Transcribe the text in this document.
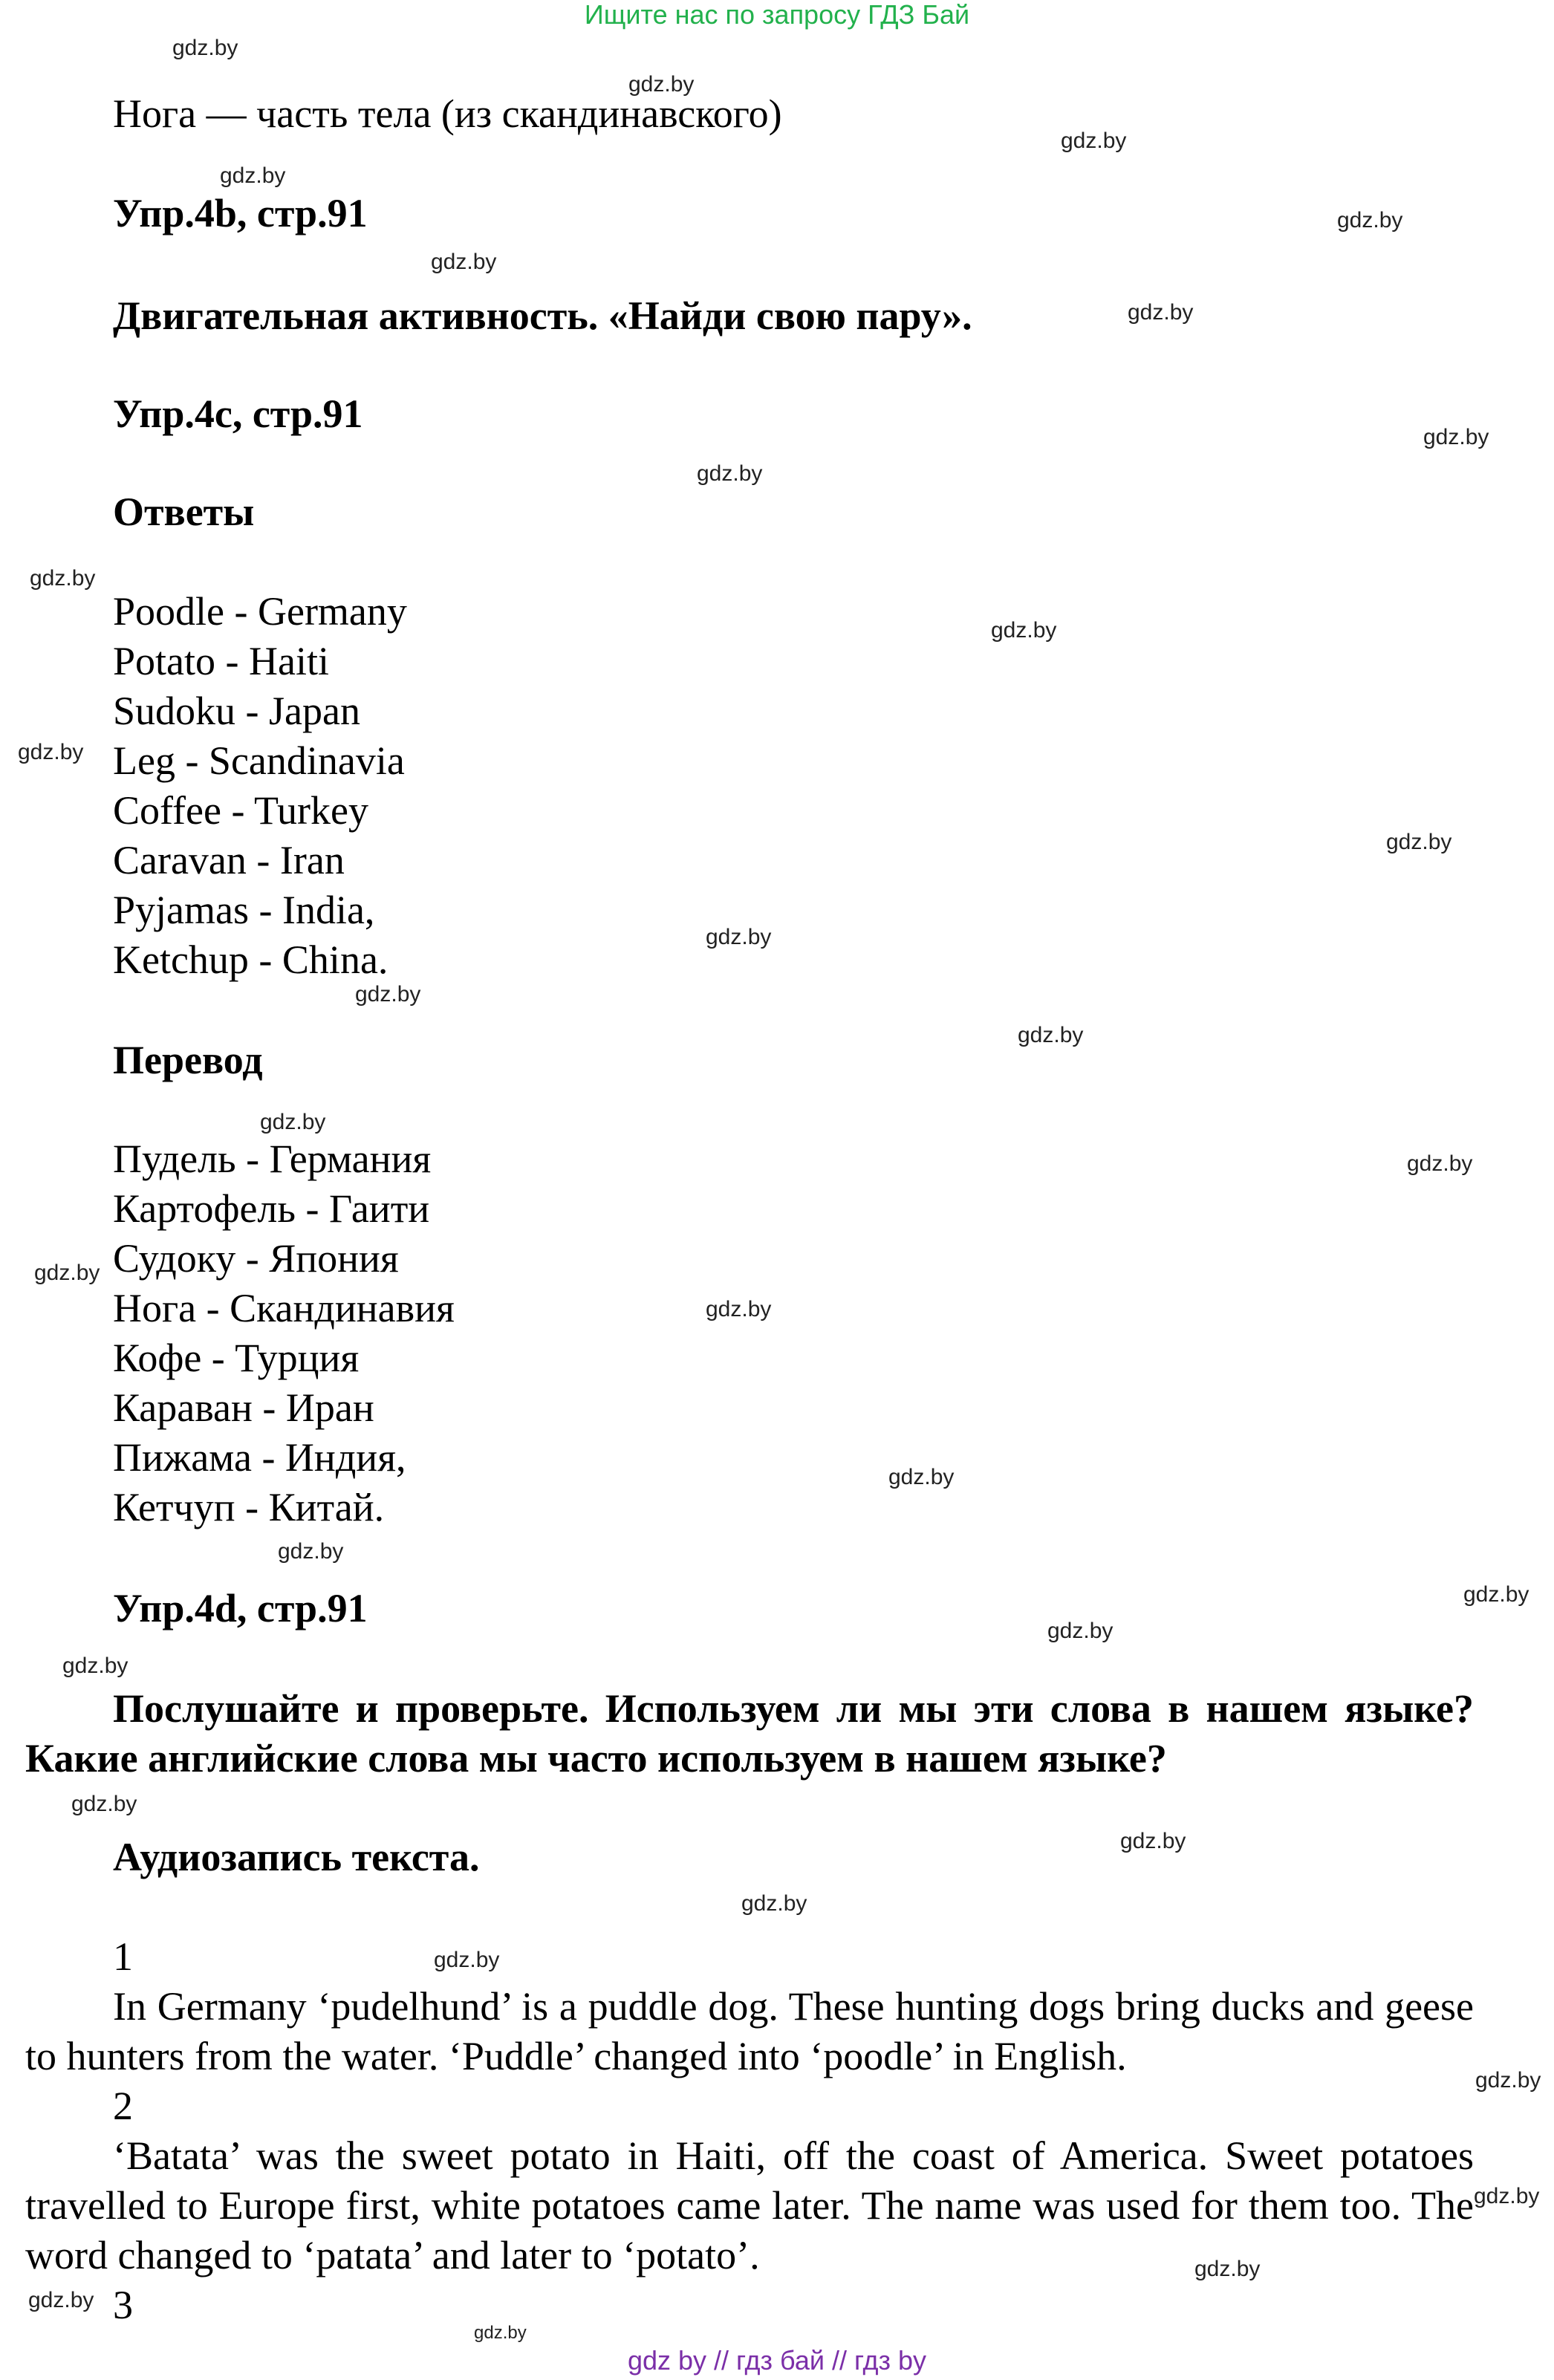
Ищите нас по запросу ГДЗ Бай
Нога — часть тела (из скандинавского)
Упр.4b, стр.91
Двигательная активность. «Найди свою пару».
Упр.4c, стр.91
Ответы
Poodle - Germany
Potato - Haiti
Sudoku - Japan
Leg - Scandinavia
Coffee - Turkey
Caravan - Iran
Pyjamas - India,
Ketchup - China.
Перевод
Пудель - Германия
Картофель - Гаити
Судоку - Япония
Нога - Скандинавия
Кофе - Турция
Караван - Иран
Пижама - Индия,
Кетчуп - Китай.
Упр.4d, стр.91
Послушайте и проверьте. Используем ли мы эти слова в нашем языке? Какие английские слова мы часто используем в нашем языке?
Аудиозапись текста.
1
In Germany ‘pudelhund’ is a puddle dog. These hunting dogs bring ducks and geese to hunters from the water. ‘Puddle’ changed into ‘poodle’ in English.
2
‘Batata’ was the sweet potato in Haiti, off the coast of America. Sweet potatoes travelled to Europe first, white potatoes came later. The name was used for them too. The word changed to ‘patata’ and later to ‘potato’.
3
gdz.by
gdz.by
gdz.by
gdz.by
gdz.by
gdz.by
gdz.by
gdz.by
gdz.by
gdz.by
gdz.by
gdz.by
gdz.by
gdz.by
gdz.by
gdz.by
gdz.by
gdz.by
gdz.by
gdz.by
gdz.by
gdz.by
gdz.by
gdz.by
gdz.by
gdz.by
gdz.by
gdz.by
gdz.by
gdz.by
gdz.by
gdz.by
gdz.by
gdz.by
gdz by // гдз бай // гдз by
